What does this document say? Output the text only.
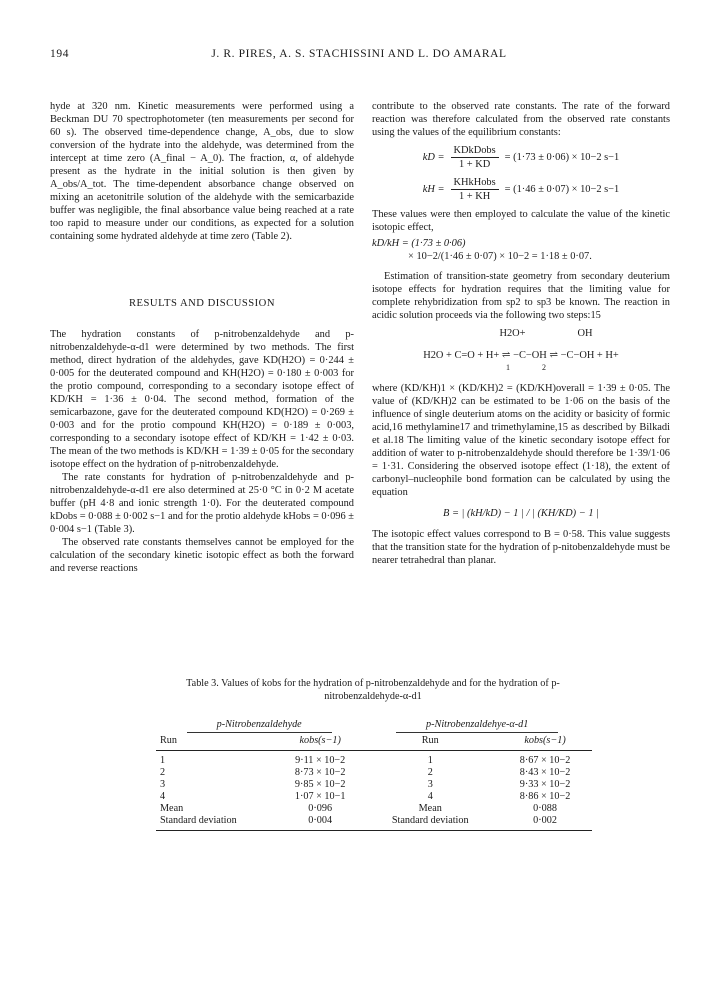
194	J. R. PIRES, A. S. STACHISSINI AND L. DO AMARAL

hyde at 320 nm. Kinetic measurements were performed using a Beckman DU 70 spectrophotometer (ten measurements per second for 60 s). The observed time-dependence change, A_obs, due to slow conversion of the hydrate into the aldehyde, was determined from the intercept at time zero (A_final − A_0). The fraction, α, of aldehyde present as the hydrate in the initial solution is then given by A_obs/A_tot. The time-dependent absorbance change observed on mixing an acetonitrile solution of the aldehyde with the semicarbazide buffer was negligible, the final absorbance value being reached at a rate too rapid to measure under our conditions, as expected for a solution containing some hydrated aldehyde at time zero (Table 2).

RESULTS AND DISCUSSION

The hydration constants of p-nitrobenzaldehyde and p-nitrobenzaldehyde-α-d1 were determined by two methods. The first method, direct hydration of the aldehydes, gave KD(H2O) = 0·244 ± 0·005 for the deuterated compound and KH(H2O) = 0·180 ± 0·003 for the protio compound, corresponding to a secondary isotope effect of KD/KH = 1·36 ± 0·04. The second method, formation of the semicarbazone, gave for the deuterated compound KD(H2O) = 0·269 ± 0·003 and for the protio compound KH(H2O) = 0·189 ± 0·003, corresponding to a secondary isotope effect of KD/KH = 1·42 ± 0·03. The mean of the two methods is KD/KH = 1·39 ± 0·05 for the secondary isotope effect on the hydration of p-nitrobenzaldehyde.

The rate constants for hydration of p-nitrobenzaldehyde and p-nitrobenzaldehyde-α-d1 ere also determined at 25·0 °C in 0·2 M acetate buffer (pH 4·8 and ionic strength 1·0). For the deuterated compound kDobs = 0·088 ± 0·002 s−1 and for the protio aldehyde kHobs = 0·096 ± 0·004 s−1 (Table 3).

The observed rate constants themselves cannot be employed for the calculation of the secondary kinetic isotopic effect as both the forward and reverse reactions

contribute to the observed rate constants. The rate of the forward reaction was therefore calculated from the observed rate constants using the values of the equilibrium constants:

kD = $\frac{\text{KDkDobs}}{1 + KD} = (1\cdot 73 \pm 0\cdot 06) \times 10-2$ s−1
kH = $\frac{\text{KHkHobs}}{1 + KH} = (1\cdot 46 \pm 0\cdot 07) \times 10-2$ s−1

These values were then employed to calculate the value of the kinetic isotopic effect,

kD/kH = (1·73 ± 0·06)
× 10−2/(1·46 ± 0·07) × 10−2 = 1·18 ± 0·07.

Estimation of transition-state geometry from secondary deuterium isotope effects for hydration requires that the limiting value for complete rehybridization from sp2 to sp3 be known. The reaction in acidic solution proceeds via the following two steps:15

H2O+                    OH
H2O + C=O + H+ ⇌ −C−OH ⇌ −C−OH + H+
1                2

where (KD/KH)1 × (KD/KH)2 = (KD/KH)overall = 1·39 ± 0·05. The value of (KD/KH)2 can be estimated to be 1·06 on the basis of the influence of single deuterium atoms on the acidity or basicity of formic acid,16 methylamine17 and trimethylamine,15 as described by Bilkadi et al.18 The limiting value of the kinetic secondary isotope effect for addition of water to p-nitrobenzaldehyde should therefore be 1·39/1·06 = 1·31. Considering the observed isotope effect (1·18), the extent of carbonyl–nucleophile bond formation can be calculated by using the equation

B = | (kH/kD) − 1 | / | (KH/KD) − 1 |

The isotopic effect values correspond to B = 0·58. This value suggests that the transition state for the hydration of p-nitobenzaldehyde must be nearer tetrahedral than planar.

Table 3. Values of kobs for the hydration of p-nitrobenzaldehyde and for the hydration of p-nitrobenzaldehyde-α-d1
p-Nitrobenzaldehyde		p-Nitrobenzaldehye-α-d1	
Run	kobs(s−1)	Run	kobs(s−1)
1	9·11 × 10−2	1	8·67 × 10−2
2	8·73 × 10−2	2	8·43 × 10−2
3	9·85 × 10−2	3	9·33 × 10−2
4	1·07 × 10−1	4	8·86 × 10−2
Mean	0·096	Mean	0·088
Standard deviation	0·004	Standard deviation	0·002
